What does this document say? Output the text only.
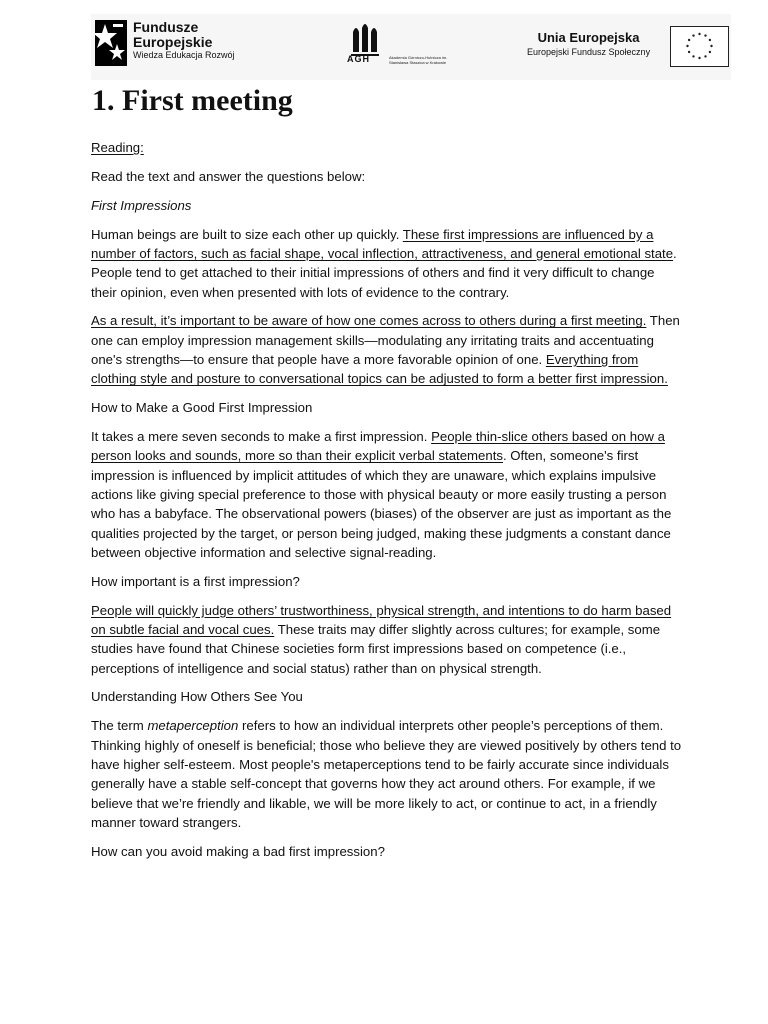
Fundusze
Europejskie
Wiedza Edukacja Rozwój	Akademia Górniczo-Hutnicza im. Stanisława Staszica w Krakowie
AGH
Unia Europejska
Europejski Fundusz Społeczny
1. First meeting

Reading:

Read the text and answer the questions below:

First Impressions

Human beings are built to size each other up quickly. These first impressions are influenced by a number of factors, such as facial shape, vocal inflection, attractiveness, and general emotional state. People tend to get attached to their initial impressions of others and find it very difficult to change their opinion, even when presented with lots of evidence to the contrary.

As a result, it’s important to be aware of how one comes across to others during a first meeting. Then one can employ impression management skills—modulating any irritating traits and accentuating one's strengths—to ensure that people have a more favorable opinion of one. Everything from clothing style and posture to conversational topics can be adjusted to form a better first impression.

How to Make a Good First Impression

It takes a mere seven seconds to make a first impression. People thin-slice others based on how a person looks and sounds, more so than their explicit verbal statements. Often, someone's first impression is influenced by implicit attitudes of which they are unaware, which explains impulsive actions like giving special preference to those with physical beauty or more easily trusting a person who has a babyface. The observational powers (biases) of the observer are just as important as the qualities projected by the target, or person being judged, making these judgments a constant dance between objective information and selective signal-reading.

How important is a first impression?

People will quickly judge others’ trustworthiness, physical strength, and intentions to do harm based on subtle facial and vocal cues. These traits may differ slightly across cultures; for example, some studies have found that Chinese societies form first impressions based on competence (i.e., perceptions of intelligence and social status) rather than on physical strength.

Understanding How Others See You

The term metaperception refers to how an individual interprets other people’s perceptions of them. Thinking highly of oneself is beneficial; those who believe they are viewed positively by others tend to have higher self-esteem. Most people's metaperceptions tend to be fairly accurate since individuals generally have a stable self-concept that governs how they act around others. For example, if we believe that we’re friendly and likable, we will be more likely to act, or continue to act, in a friendly manner toward strangers.

How can you avoid making a bad first impression?
